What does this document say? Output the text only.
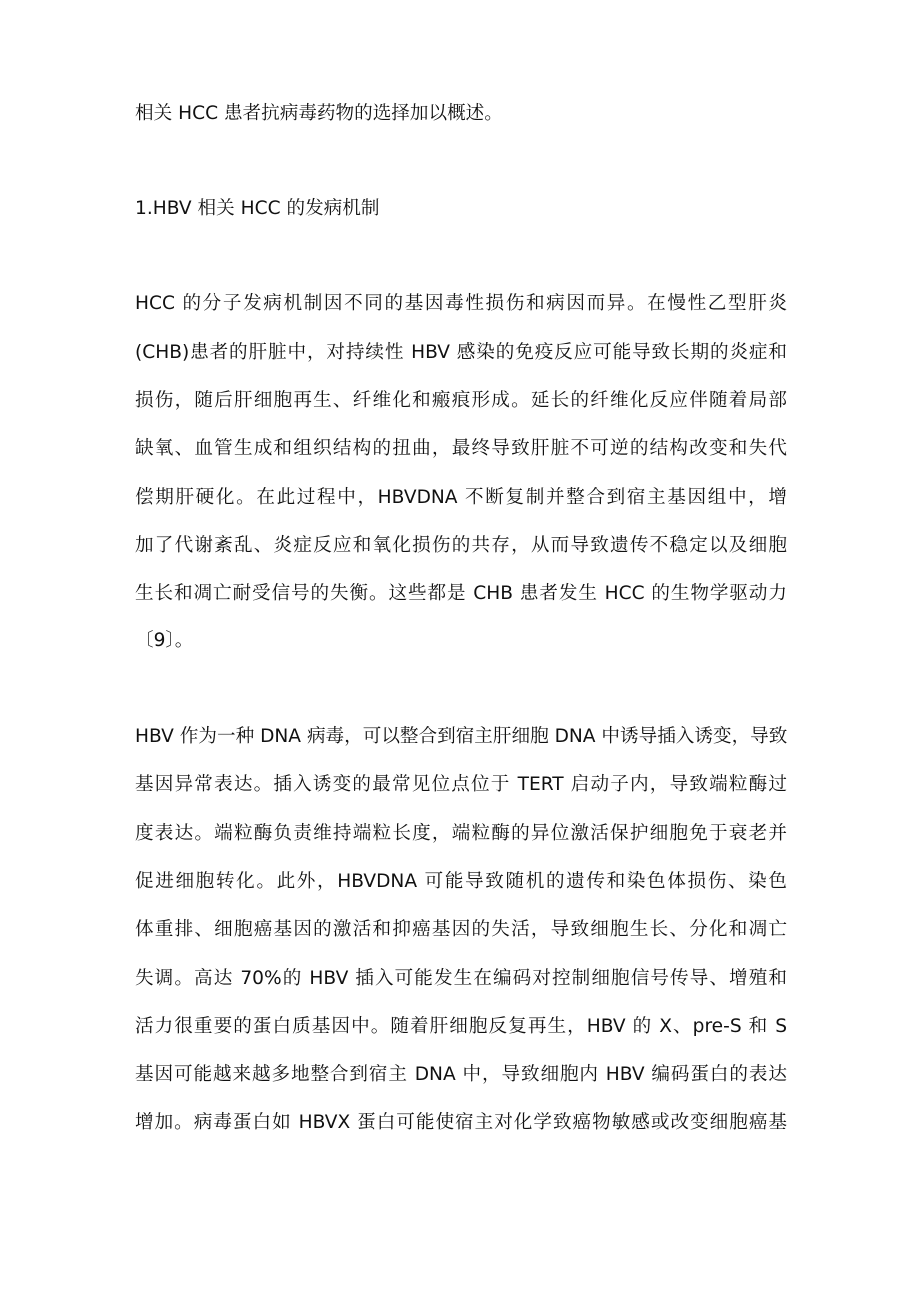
相关 HCC 患者抗病毒药物的选择加以概述。
1.HBV 相关 HCC 的发病机制
HCC 的分子发病机制因不同的基因毒性损伤和病因而异。在慢性乙型肝炎
(CHB)患者的肝脏中，对持续性 HBV 感染的免疫反应可能导致长期的炎症和
损伤，随后肝细胞再生、纤维化和瘢痕形成。延长的纤维化反应伴随着局部
缺氧、血管生成和组织结构的扭曲，最终导致肝脏不可逆的结构改变和失代
偿期肝硬化。在此过程中，HBVDNA 不断复制并整合到宿主基因组中，增
加了代谢紊乱、炎症反应和氧化损伤的共存，从而导致遗传不稳定以及细胞
生长和凋亡耐受信号的失衡。这些都是 CHB 患者发生 HCC 的生物学驱动力
〔9〕。
HBV 作为一种 DNA 病毒，可以整合到宿主肝细胞 DNA 中诱导插入诱变，导致
基因异常表达。插入诱变的最常见位点位于 TERT 启动子内，导致端粒酶过
度表达。端粒酶负责维持端粒长度，端粒酶的异位激活保护细胞免于衰老并
促进细胞转化。此外，HBVDNA 可能导致随机的遗传和染色体损伤、染色
体重排、细胞癌基因的激活和抑癌基因的失活，导致细胞生长、分化和凋亡
失调。高达 70%的 HBV 插入可能发生在编码对控制细胞信号传导、增殖和
活力很重要的蛋白质基因中。随着肝细胞反复再生，HBV 的 X、pre-S 和 S
基因可能越来越多地整合到宿主 DNA 中，导致细胞内 HBV 编码蛋白的表达
增加。病毒蛋白如 HBVX 蛋白可能使宿主对化学致癌物敏感或改变细胞癌基
